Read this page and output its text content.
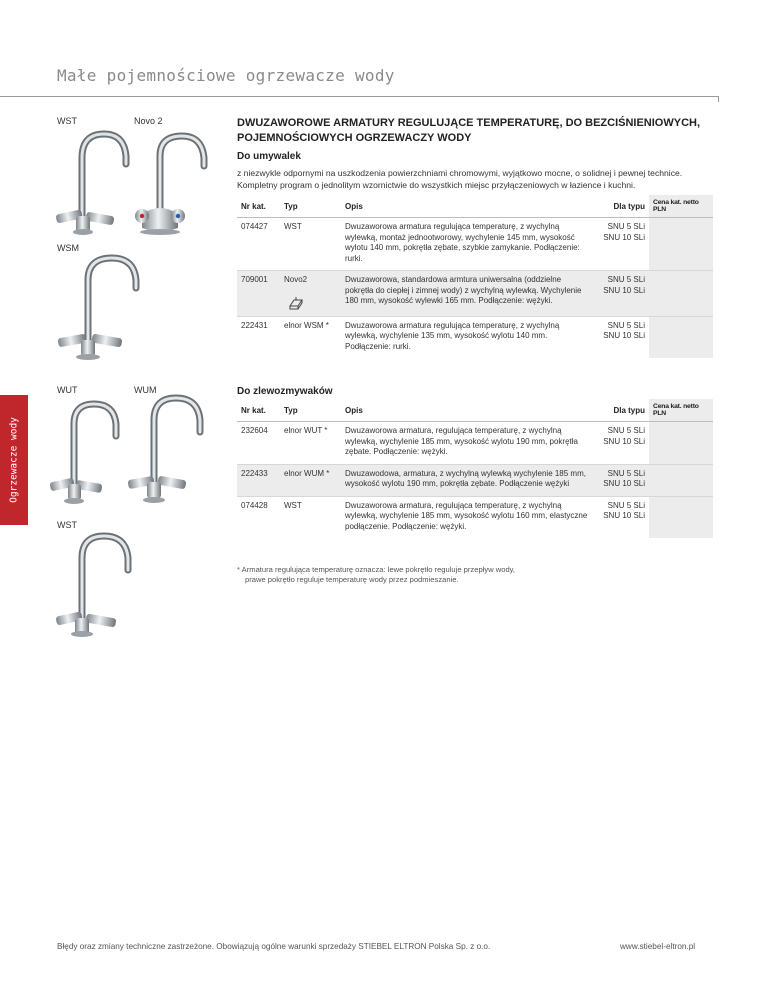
Małe pojemnościowe ogrzewacze wody
Ogrzewacze wody
WST	Novo 2
WSM
WUT	WUM
WST
DWUZAWOROWE ARMATURY REGULUJĄCE TEMPERATURĘ, DO BEZCIŚNIENIOWYCH,
POJEMNOŚCIOWYCH OGRZEWACZY WODY
Do umywalek
z niezwykle odpornymi na uszkodzenia powierzchniami chromowymi, wyjątkowo mocne, o solidnej i pewnej technice. Kompletny program o jednolitym wzornictwie do wszystkich miejsc przyłączeniowych w łazience i kuchni.
Nr kat.	Typ	Opis	Dla typu	Cena kat. netto PLN
074427	WST	Dwuzaworowa armatura regulująca temperaturę, z wychylną wylewką, montaż jednootworowy, wychylenie 145 mm, wysokość wylotu 140 mm, pokrętła zębate, szybkie zamykanie. Podłączenie: rurki.	SNU 5 SLi
SNU 10 SLi	

709001	Novo2	Dwuzaworowa, standardowa armtura uniwersalna (oddzielne pokrętła do ciepłej i zimnej wody) z wychylną wylewką. Wychylenie 180 mm, wysokość wylewki 165 mm. Podłączenie: wężyki.	SNU 5 SLi
SNU 10 SLi	

222431	elnor WSM *	Dwuzaworowa armatura regulująca temperaturę, z wychylną wylewką, wychylenie 135 mm, wysokość wylotu 140 mm. Podłączenie: rurki.	SNU 5 SLi
SNU 10 SLi	

Do zlewozmywaków
Nr kat.	Typ	Opis	Dla typu	Cena kat. netto PLN
232604	elnor WUT *	Dwuzaworowa armatura, regulująca temperaturę, z wychylną wylewką, wychylenie 185 mm, wysokość wylotu 190 mm, pokrętła zębate. Podłączenie: wężyki.	SNU 5 SLi
SNU 10 SLi	

222433	elnor WUM *	Dwuzawodowa, armatura, z wychylną wylewką wychylenie 185 mm, wysokość wylotu 190 mm, pokrętła zębate. Podłączenie wężyki	SNU 5 SLi
SNU 10 SLi	

074428	WST	Dwuzaworowa armatura, regulująca temperaturę, z wychylną wylewką, wychylenie 185 mm, wysokość wylotu 160 mm, elastyczne podłączenie. Podłączenie: wężyki.	SNU 5 SLi
SNU 10 SLi	

* Armatura regulująca temperaturę oznacza: lewe pokrętło reguluje przepływ wody,
prawe pokrętło reguluje temperaturę wody przez podmieszanie.
Błędy oraz zmiany techniczne zastrzeżone. Obowiązują ogólne warunki sprzedaży STIEBEL ELTRON Polska Sp. z o.o.	www.stiebel-eltron.pl
